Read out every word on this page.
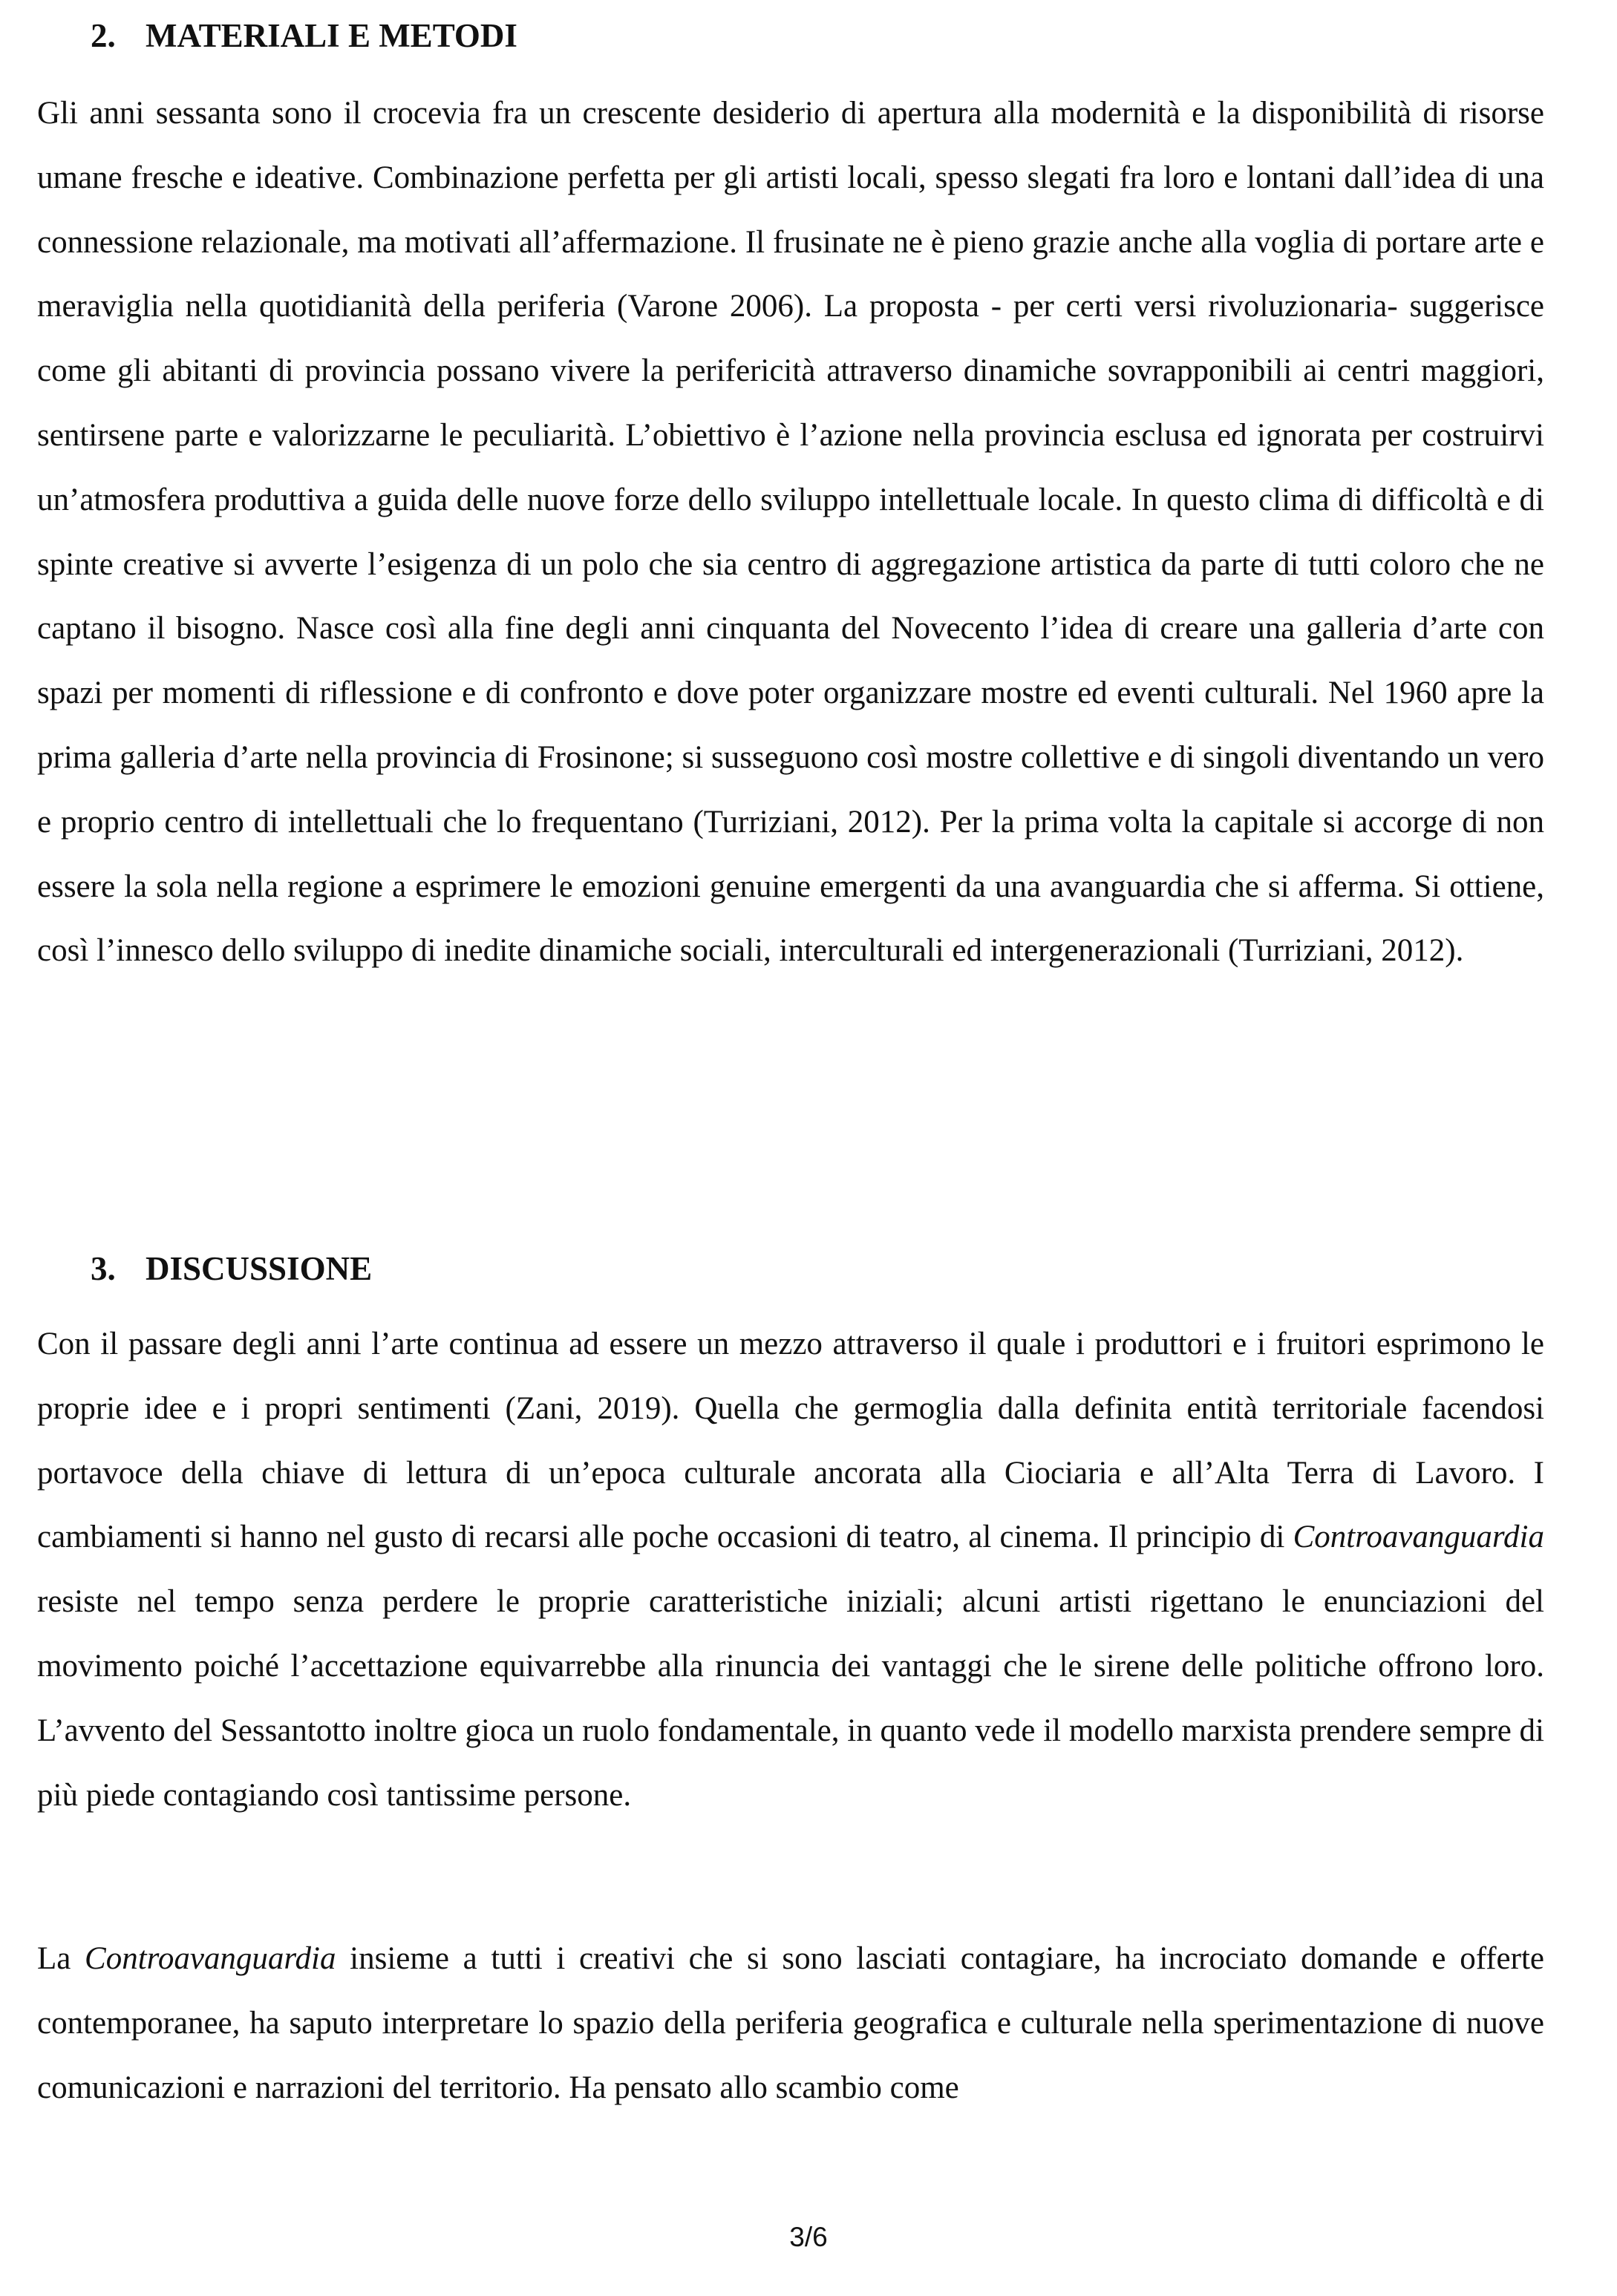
2. MATERIALI E METODI

Gli anni sessanta sono il crocevia fra un crescente desiderio di apertura alla modernità e la disponibilità di risorse umane fresche e ideative. Combinazione perfetta per gli artisti locali, spesso slegati fra loro e lontani dall’idea di una connessione relazionale, ma motivati all’affermazione. Il frusinate ne è pieno grazie anche alla voglia di portare arte e meraviglia nella quotidianità della periferia (Varone 2006). La proposta - per certi versi rivoluzionaria- suggerisce come gli abitanti di provincia possano vivere la perifericità attraverso dinamiche sovrapponibili ai centri maggiori, sentirsene parte e valorizzarne le peculiarità. L’obiettivo è l’azione nella provincia esclusa ed ignorata per costruirvi un’atmosfera produttiva a guida delle nuove forze dello sviluppo intellettuale locale. In questo clima di difficoltà e di spinte creative si avverte l’esigenza di un polo che sia centro di aggregazione artistica da parte di tutti coloro che ne captano il bisogno. Nasce così alla fine degli anni cinquanta del Novecento l’idea di creare una galleria d’arte con spazi per momenti di riflessione e di confronto e dove poter organizzare mostre ed eventi culturali. Nel 1960 apre la prima galleria d’arte nella provincia di Frosinone; si susseguono così mostre collettive e di singoli diventando un vero e proprio centro di intellettuali che lo frequentano (Turriziani, 2012). Per la prima volta la capitale si accorge di non essere la sola nella regione a esprimere le emozioni genuine emergenti da una avanguardia che si afferma. Si ottiene, così l’innesco dello sviluppo di inedite dinamiche sociali, interculturali ed intergenerazionali (Turriziani, 2012).

3. DISCUSSIONE

Con il passare degli anni l’arte continua ad essere un mezzo attraverso il quale i produttori e i fruitori esprimono le proprie idee e i propri sentimenti (Zani, 2019). Quella che germoglia dalla definita entità territoriale facendosi portavoce della chiave di lettura di un’epoca culturale ancorata alla Ciociaria e all’Alta Terra di Lavoro. I cambiamenti si hanno nel gusto di recarsi alle poche occasioni di teatro, al cinema. Il principio di Controavanguardia resiste nel tempo senza perdere le proprie caratteristiche iniziali; alcuni artisti rigettano le enunciazioni del movimento poiché l’accettazione equivarrebbe alla rinuncia dei vantaggi che le sirene delle politiche offrono loro. L’avvento del Sessantotto inoltre gioca un ruolo fondamentale, in quanto vede il modello marxista prendere sempre di più piede contagiando così tantissime persone.

La Controavanguardia insieme a tutti i creativi che si sono lasciati contagiare, ha incrociato domande e offerte contemporanee, ha saputo interpretare lo spazio della periferia geografica e culturale nella sperimentazione di nuove comunicazioni e narrazioni del territorio. Ha pensato allo scambio come

3/6
